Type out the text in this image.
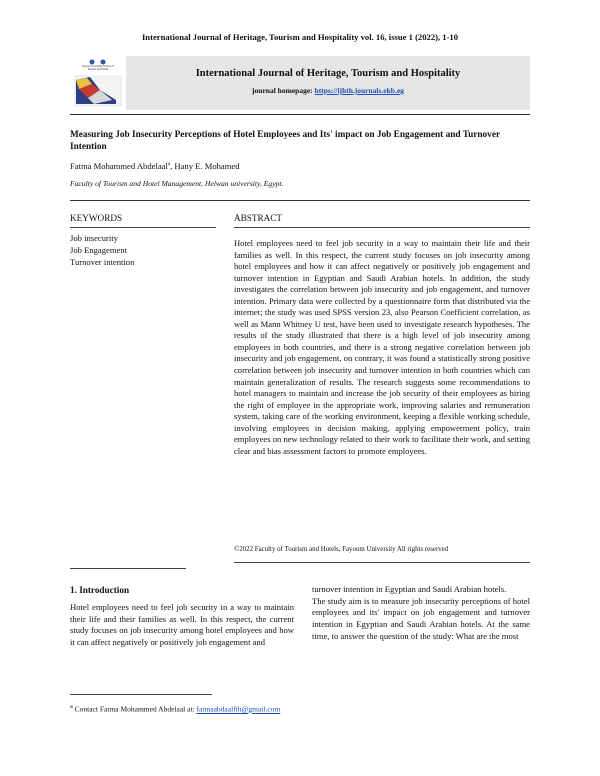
International Journal of Heritage, Tourism and Hospitality vol. 16, issue 1 (2022), 1-10
Fayoum University Faculty of Tourism and Hotels	International Journal of Heritage, Tourism and Hospitality
journal homepage: https://ijhth.journals.ekb.eg
Measuring Job Insecurity Perceptions of Hotel Employees and Its' impact on Job Engagement and Turnover Intention
Fatma Mohammed Abdelaal$^a$, Hany E. Mohamed
Faculty of Tourism and Hotel Management, Helwan university, Egypt.
KEYWORDS
Job insecurity
Job Engagement
Turnover intention
ABSTRACT
Hotel employees need to feel job security in a way to maintain their life and their families as well. In this respect, the current study focuses on job insecurity among hotel employees and how it can affect negatively or positively job engagement and turnover intention in Egyptian and Saudi Arabian hotels. In addition, the study investigates the correlation between job insecurity and job engagement, and turnover intention. Primary data were collected by a questionnaire form that distributed via the internet; the study was used SPSS version 23, also Pearson Coefficient correlation, as well as Mann Whitney U test, have been used to investigate research hypotheses. The results of the study illustrated that there is a high level of job insecurity among employees in both countries, and there is a strong negative correlation between job insecurity and job engagement, on contrary, it was found a statistically strong positive correlation between job insecurity and turnover intention in both countries which can maintain generalization of results. The research suggests some recommendations to hotel managers to maintain and increase the job security of their employees as hiring the right of employee in the appropriate work, improving salaries and remuneration system, taking care of the working environment, keeping a flexible working schedule, involving employees in decision making, applying empowerment policy, train employees on new technology related to their work to facilitate their work, and setting clear and bias assessment factors to promote employees.
©2022 Faculty of Tourism and Hotels, Fayoum University All rights reserved
1. Introduction
Hotel employees need to feel job security in a way to maintain their life and their families as well. In this respect, the current study focuses on job insecurity among hotel employees and how it can affect negatively or positively job engagement and
turnover intention in Egyptian and Saudi Arabian hotels.
The study aim is to measure job insecurity perceptions of hotel employees and its' impact on job engagement and turnover intention in Egyptian and Saudi Arabian hotels. At the same time, to answer the question of the study: What are the most
$^a$ Contact Fatma Mohammed Abdelaal at: fatmaabdaalfth@gmail.com
